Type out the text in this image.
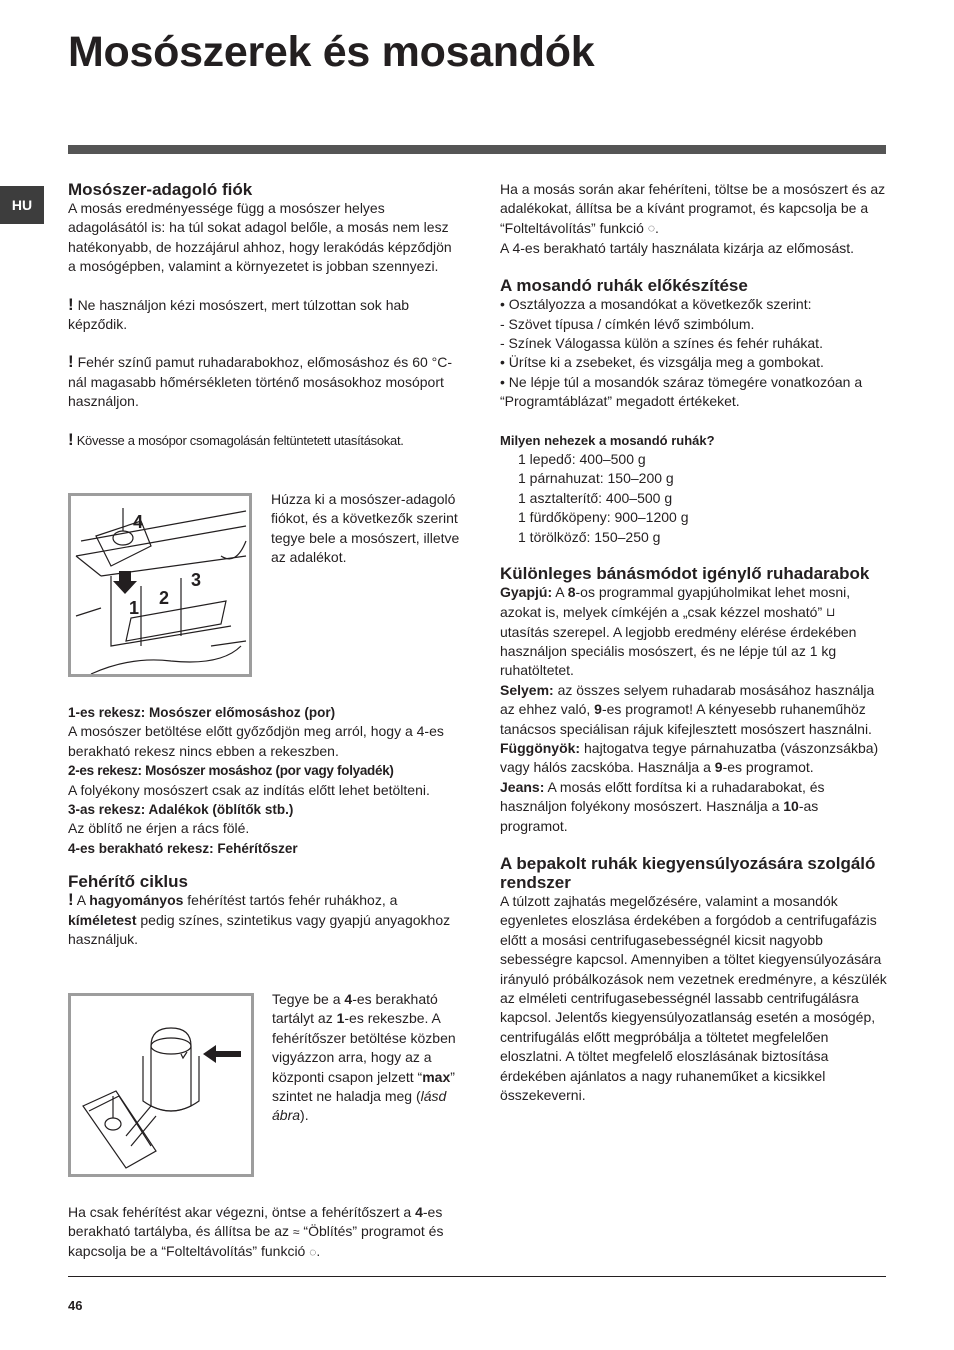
Mosószerek és mosandók
HU
Mosószer-adagoló fiók

A mosás eredményessége függ a mosószer helyes adagolásától is: ha túl sokat adagol belőle, a mosás nem lesz hatékonyabb, de hozzájárul ahhoz, hogy lerakódás képződjön a mosógépben, valamint a környezetet is jobban szennyezi.

! Ne használjon kézi mosószert, mert túlzottan sok hab képződik.

! Fehér színű pamut ruhadarabokhoz, előmosáshoz és 60 °C-nál magasabb hőmérsékleten történő mosásokhoz mosóport használjon.

! Kövesse a mosópor csomagolásán feltüntetett utasításokat.

4
3
2
1
Húzza ki a mosószer-adagoló fiókot, és a következők szerint tegye bele a mosószert, illetve az adalékot.

1-es rekesz: Mosószer előmosáshoz (por)

A mosószer betöltése előtt győződjön meg arról, hogy a 4-es berakható rekesz nincs ebben a rekeszben.

2-es rekesz: Mosószer mosáshoz (por vagy folyadék)

A folyékony mosószert csak az indítás előtt lehet betölteni.

3-as rekesz: Adalékok (öblítők stb.)

Az öblítő ne érjen a rács fölé.

4-es berakható rekesz: Fehérítőszer

Fehérítő ciklus

! A hagyományos fehérítést tartós fehér ruhákhoz, a kíméletest pedig színes, szintetikus vagy gyapjú anyagokhoz használjuk.

Tegye be a 4-es berakható tartályt az 1-es rekeszbe. A fehérítőszer betöltése közben vigyázzon arra, hogy az a központi csapon jelzett “max” szintet ne haladja meg (lásd ábra).
Ha csak fehérítést akar végezni, öntse a fehérítőszert a 4-es berakható tartályba, és állítsa be az ≈ “Öblítés” programot és kapcsolja be a “Folteltávolítás” funkció ◌.

Ha a mosás során akar fehéríteni, töltse be a mosószert és az adalékokat, állítsa be a kívánt programot, és kapcsolja be a “Folteltávolítás” funkció ◌.

A 4-es berakható tartály használata kizárja az előmosást.

A mosandó ruhák előkészítése

• Osztályozza a mosandókat a következők szerint:

- Szövet típusa / címkén lévő szimbólum.

- Színek Válogassa külön a színes és fehér ruhákat.

• Ürítse ki a zsebeket, és vizsgálja meg a gombokat.

• Ne lépje túl a mosandók száraz tömegére vonatkozóan a “Programtáblázat” megadott értékeket.

Milyen nehezek a mosandó ruhák?

1 lepedő: 400–500 g

1 párnahuzat: 150–200 g

1 asztalterítő: 400–500 g

1 fürdőköpeny: 900–1200 g

1 törölköző: 150–250 g

Különleges bánásmódot igénylő ruhadarabok

Gyapjú: A 8-os programmal gyapjúholmikat lehet mosni, azokat is, melyek címkéjén a „csak kézzel mosható” ⊔ utasítás szerepel. A legjobb eredmény elérése érdekében használjon speciális mosószert, és ne lépje túl az 1 kg ruhatöltetet.

Selyem: az összes selyem ruhadarab mosásához használja az ehhez való, 9-es programot! A kényesebb ruhaneműhöz tanácsos speciálisan rájuk kifejlesztett mosószert használni.

Függönyök: hajtogatva tegye párnahuzatba (vászonzsákba) vagy hálós zacskóba. Használja a 9-es programot.

Jeans: A mosás előtt fordítsa ki a ruhadarabokat, és használjon folyékony mosószert. Használja a 10-as programot.

A bepakolt ruhák kiegyensúlyozására szolgáló rendszer

A túlzott zajhatás megelőzésére, valamint a mosandók egyenletes eloszlása érdekében a forgódob a centrifugafázis előtt a mosási centrifugasebességnél kicsit nagyobb sebességre kapcsol. Amennyiben a töltet kiegyensúlyozására irányuló próbálkozások nem vezetnek eredményre, a készülék az elméleti centrifugasebességnél lassabb centrifugálásra kapcsol. Jelentős kiegyensúlyozatlanság esetén a mosógép, centrifugálás előtt megpróbálja a töltetet megfelelően eloszlatni. A töltet megfelelő eloszlásának biztosítása érdekében ajánlatos a nagy ruhaneműket a kicsikkel összekeverni.

46
